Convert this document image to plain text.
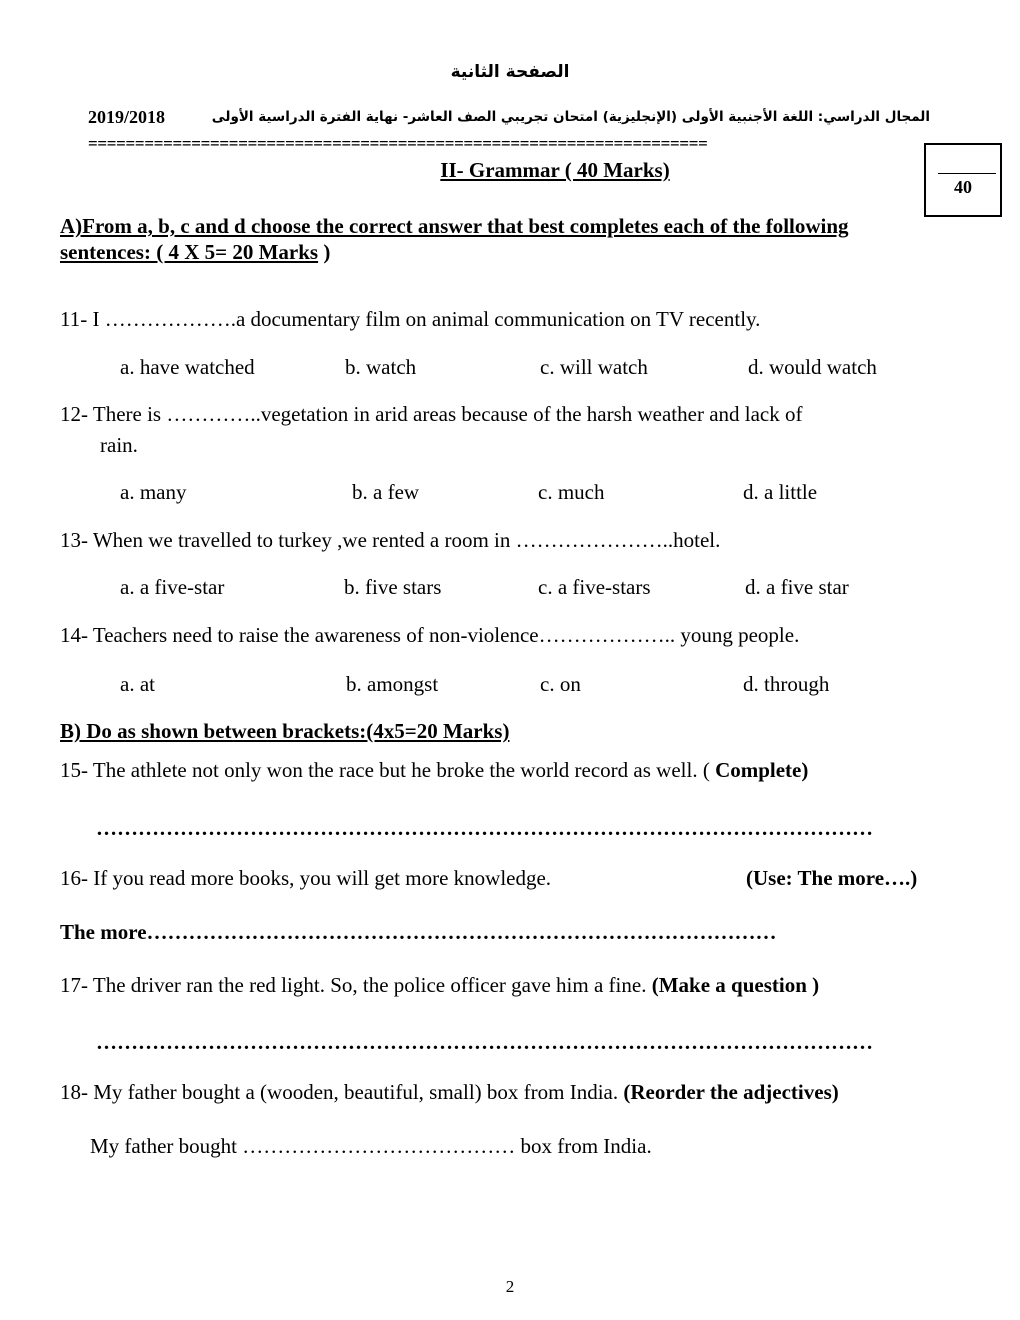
الصفحة الثانية
2019/2018	المجال الدراسي: اللغة الأجنبية الأولى (الإنجليزية) امتحان تجريبي الصف العاشر- نهاية الفترة الدراسية الأولى
==================================================================
II- Grammar ( 40 Marks)
40
A)From a, b, c and d choose the correct answer that best completes each of the following
sentences: ( 4 X 5= 20 Marks )
11- I ……………….a documentary film on animal communication on TV recently.
a. have watched	b. watch	c. will watch	d. would watch
12- There is …………..vegetation in arid areas because of the harsh weather and lack of
rain.
a. many	b. a few	c. much	d. a little
13- When we travelled to turkey ,we rented a room in …………………..hotel.
a. a five-star	b. five stars	c. a five-stars	d. a five star
14- Teachers need to raise the awareness of non-violence……………….. young people.
a. at	b. amongst	c. on	d. through
B) Do as shown between brackets:(4x5=20 Marks)
15- The athlete not only won the race but he broke the world record as well. ( Complete)
…………………………………………………………………………………………………
16- If you read more books, you will get more knowledge.	(Use: The more….)
The more………………………………………………………………………………
17- The driver ran the red light. So, the police officer gave him a fine. (Make a question )
…………………………………………………………………………………………………
18- My father bought a (wooden, beautiful, small) box from India. (Reorder the adjectives)
My father bought ………………………………… box from India.
2
